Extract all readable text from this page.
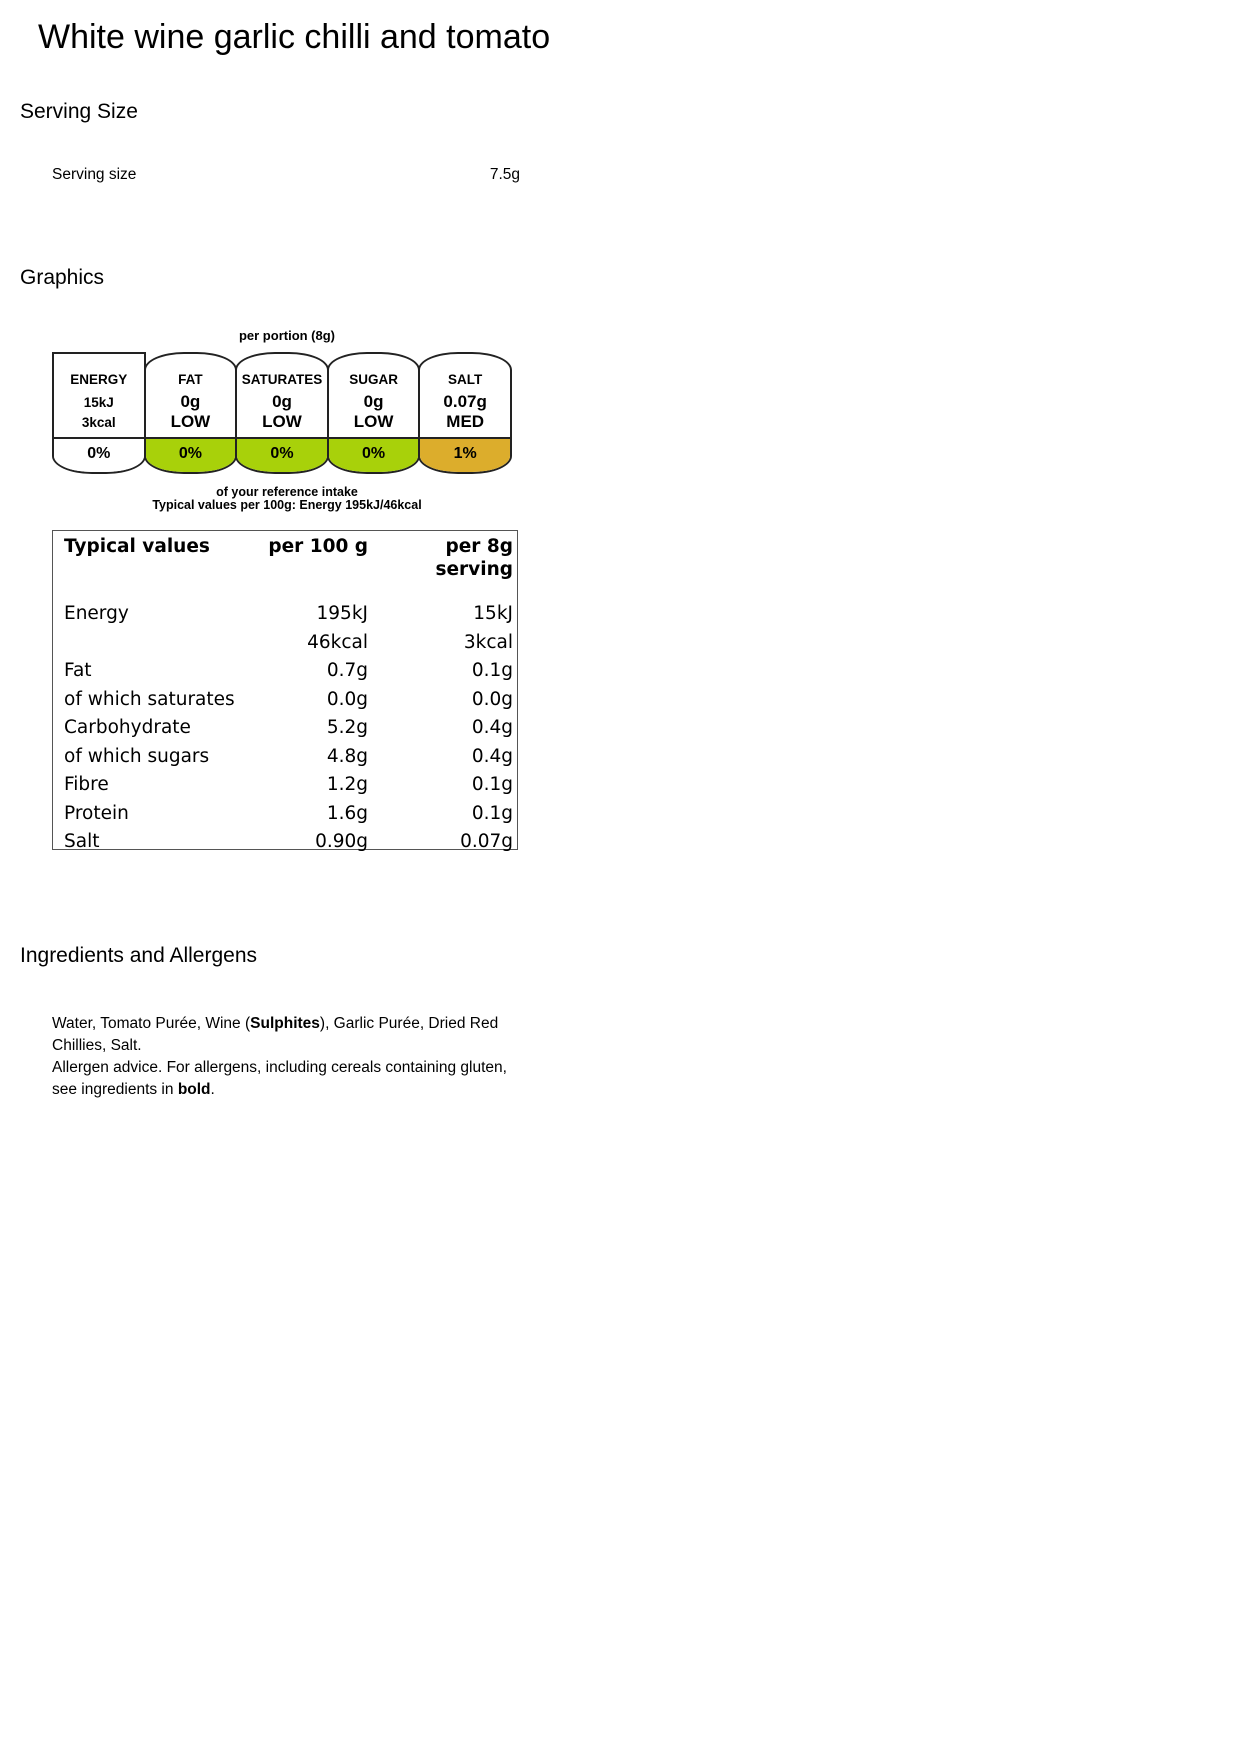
White wine garlic chilli and tomato
Serving Size
Serving size	7.5g
Graphics
per portion (8g)
ENERGY
15kJ
3kcal
0%
FAT
0g
LOW
0%
SATURATES
0g
LOW
0%
SUGAR
0g
LOW
0%
SALT
0.07g
MED
1%
of your reference intake
Typical values per 100g: Energy 195kJ/46kcal
Typical values	per 100 g	per 8g
serving
Energy	195kJ	15kJ
46kcal	3kcal
Fat	0.7g	0.1g
of which saturates	0.0g	0.0g
Carbohydrate	5.2g	0.4g
of which sugars	4.8g	0.4g
Fibre	1.2g	0.1g
Protein	1.6g	0.1g
Salt	0.90g	0.07g
Ingredients and Allergens

Water, Tomato Purée, Wine (Sulphites), Garlic Purée, Dried Red Chillies, Salt.

Allergen advice. For allergens, including cereals containing gluten, see ingredients in bold.
